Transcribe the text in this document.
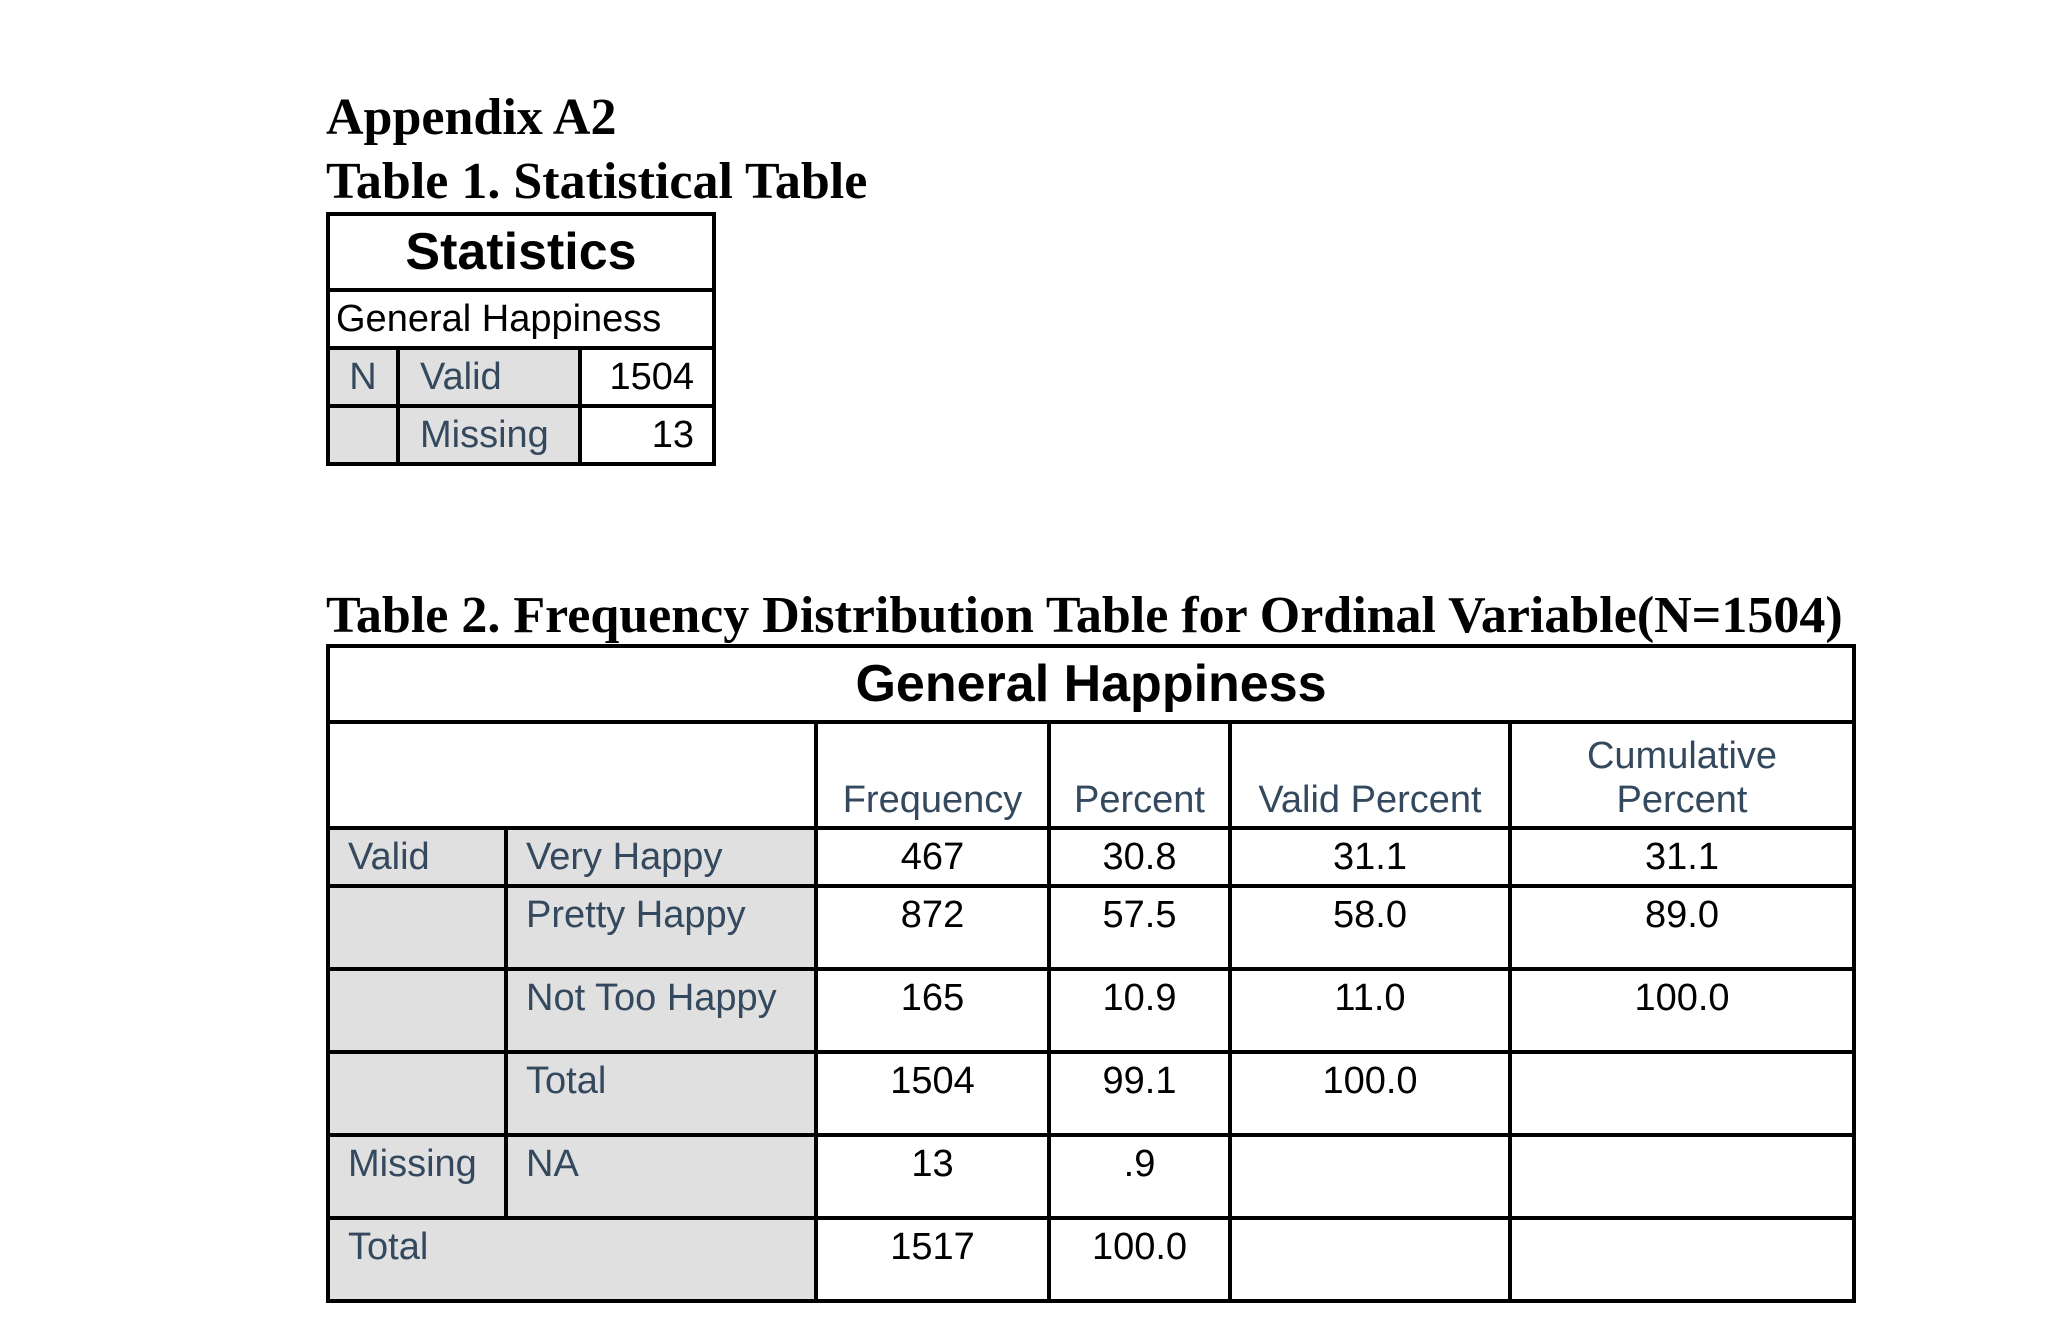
Appendix A2
Table 1. Statistical Table
Statistics		
General Happiness		
N	Valid	1504
	Missing	13
Table 2. Frequency Distribution Table for Ordinal Variable(N=1504)
General Happiness					
		Frequency	Percent	Valid Percent	Cumulative Percent
Valid	Very Happy	467	30.8	31.1	31.1
	Pretty Happy	872	57.5	58.0	89.0
	Not Too Happy	165	10.9	11.0	100.0
	Total	1504	99.1	100.0	
Missing	NA	13	.9		
Total		1517	100.0		
